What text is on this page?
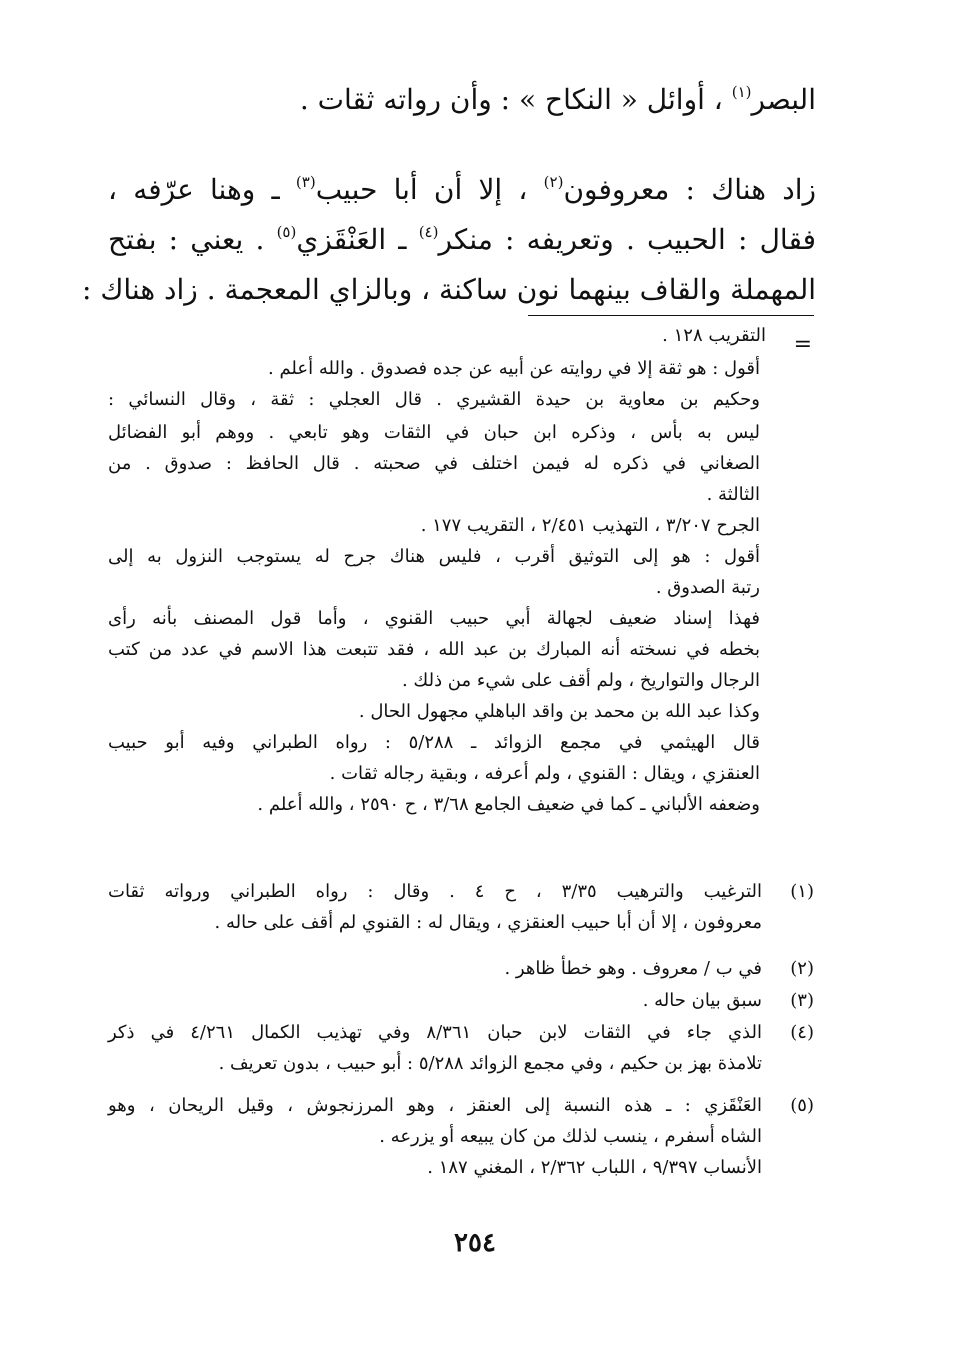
البصر$^{(١)}$ ، أوائل « النكاح » : وأن رواته ثقات .
زاد هناك : معروفون$^{(٢)}$ ، إلا أن أبا حبيب$^{(٣)}$ ـ وهنا عرّفه ،
فقال : الحبيب . وتعريفه : منكر$^{(٤)}$ ـ العَنْقَزي$^{(٥)}$ . يعني : بفتح
المهملة والقاف بينهما نون ساكنة ، وبالزاي المعجمة . زاد هناك :
=
التقريب ١٢٨ .
أقول : هو ثقة إلا في روايته عن أبيه عن جده فصدوق . والله أعلم .
وحكيم بن معاوية بن حيدة القشيري . قال العجلي : ثقة ، وقال النسائي :
ليس به بأس ، وذكره ابن حبان في الثقات وهو تابعي . ووهم أبو الفضائل
الصغاني في ذكره له فيمن اختلف في صحبته . قال الحافظ : صدوق . من
الثالثة .
الجرح ٣/٢٠٧ ، التهذيب ٢/٤٥١ ، التقريب ١٧٧ .
أقول : هو إلى التوثيق أقرب ، فليس هناك جرح له يستوجب النزول به إلى
رتبة الصدوق .
فهذا إسناد ضعيف لجهالة أبي حبيب القنوي ، وأما قول المصنف بأنه رأى
بخطه في نسخته أنه المبارك بن عبد الله ، فقد تتبعت هذا الاسم في عدد من كتب
الرجال والتواريخ ، ولم أقف على شيء من ذلك .
وكذا عبد الله بن محمد بن واقد الباهلي مجهول الحال .
قال الهيثمي في مجمع الزوائد ـ ٥/٢٨٨ : رواه الطبراني وفيه أبو حبيب
العنقزي ، ويقال : القنوي ، ولم أعرفه ، وبقية رجاله ثقات .
وضعفه الألباني ـ كما في ضعيف الجامع ٣/٦٨ ، ح ٢٥٩٠ ، والله أعلم .
(١)
الترغيب والترهيب ٣/٣٥ ، ح ٤ . وقال : رواه الطبراني ورواته ثقات
معروفون ، إلا أن أبا حبيب العنقزي ، ويقال له : القنوي لم أقف على حاله .
(٢)
في ب / معروف . وهو خطأ ظاهر .
(٣)
سبق بيان حاله .
(٤)
الذي جاء في الثقات لابن حبان ٨/٣٦١ وفي تهذيب الكمال ٤/٢٦١ في ذكر
تلامذة بهز بن حكيم ، وفي مجمع الزوائد ٥/٢٨٨ : أبو حبيب ، بدون تعريف .
(٥)
العَنْقَزي : ـ هذه النسبة إلى العنقز ، وهو المرزنجوش ، وقيل الريحان ، وهو
الشاه أسفرم ، ينسب لذلك من كان يبيعه أو يزرعه .
الأنساب ٩/٣٩٧ ، اللباب ٢/٣٦٢ ، المغني ١٨٧ .
٢٥٤
